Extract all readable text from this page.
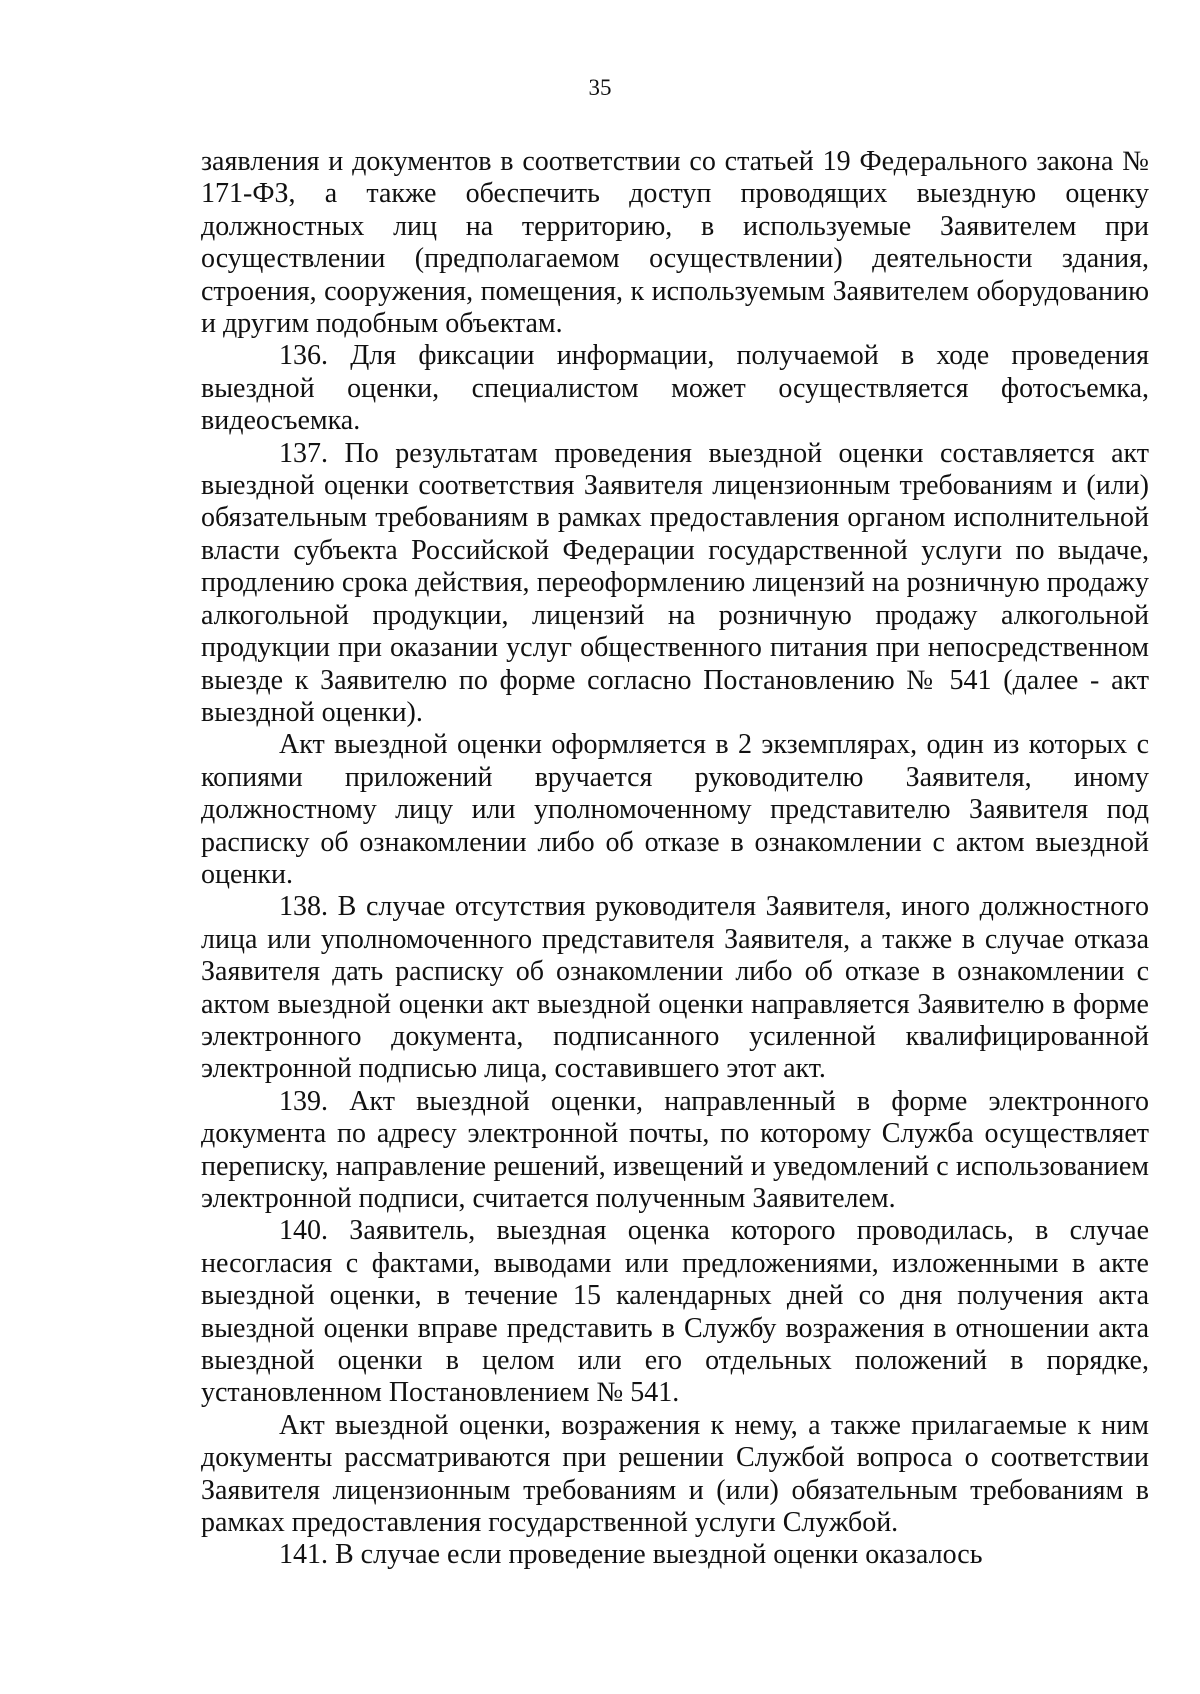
35

заявления и документов в соответствии со статьей 19 Федерального закона № 171-ФЗ, а также обеспечить доступ проводящих выездную оценку должностных лиц на территорию, в используемые Заявителем при осуществлении (предполагаемом осуществлении) деятельности здания, строения, сооружения, помещения, к используемым Заявителем оборудованию и другим подобным объектам.

136. Для фиксации информации, получаемой в ходе проведения выездной оценки, специалистом может осуществляется фотосъемка, видеосъемка.

137. По результатам проведения выездной оценки составляется акт выездной оценки соответствия Заявителя лицензионным требованиям и (или) обязательным требованиям в рамках предоставления органом исполнительной власти субъекта Российской Федерации государственной услуги по выдаче, продлению срока действия, переоформлению лицензий на розничную продажу алкогольной продукции, лицензий на розничную продажу алкогольной продукции при оказании услуг общественного питания при непосредственном выезде к Заявителю по форме согласно Постановлению № 541 (далее - акт выездной оценки).

Акт выездной оценки оформляется в 2 экземплярах, один из которых с копиями приложений вручается руководителю Заявителя, иному должностному лицу или уполномоченному представителю Заявителя под расписку об ознакомлении либо об отказе в ознакомлении с актом выездной оценки.

138. В случае отсутствия руководителя Заявителя, иного должностного лица или уполномоченного представителя Заявителя, а также в случае отказа Заявителя дать расписку об ознакомлении либо об отказе в ознакомлении с актом выездной оценки акт выездной оценки направляется Заявителю в форме электронного документа, подписанного усиленной квалифицированной электронной подписью лица, составившего этот акт.

139. Акт выездной оценки, направленный в форме электронного документа по адресу электронной почты, по которому Служба осуществляет переписку, направление решений, извещений и уведомлений с использованием электронной подписи, считается полученным Заявителем.

140. Заявитель, выездная оценка которого проводилась, в случае несогласия с фактами, выводами или предложениями, изложенными в акте выездной оценки, в течение 15 календарных дней со дня получения акта выездной оценки вправе представить в Службу возражения в отношении акта выездной оценки в целом или его отдельных положений в порядке, установленном Постановлением № 541.

Акт выездной оценки, возражения к нему, а также прилагаемые к ним документы рассматриваются при решении Службой вопроса о соответствии Заявителя лицензионным требованиям и (или) обязательным требованиям в рамках предоставления государственной услуги Службой.

141. В случае если проведение выездной оценки оказалось
